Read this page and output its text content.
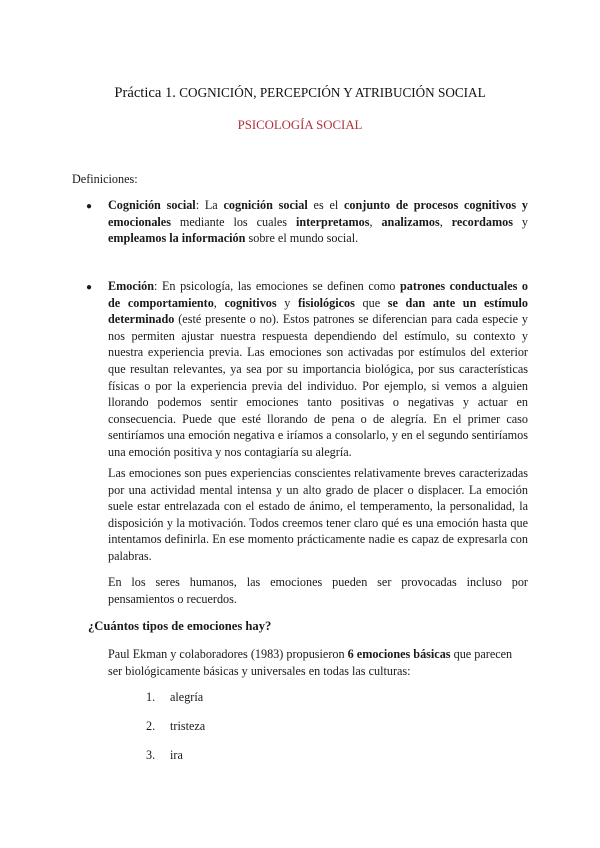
Práctica 1. COGNICIÓN, PERCEPCIÓN Y ATRIBUCIÓN SOCIAL
PSICOLOGÍA SOCIAL
Definiciones:
●	Cognición social: La cognición social es el conjunto de procesos cognitivos y emocionales mediante los cuales interpretamos, analizamos, recordamos y empleamos la información sobre el mundo social.

●	Emoción: En psicología, las emociones se definen como patrones conductuales o de comportamiento, cognitivos y fisiológicos que se dan ante un estímulo determinado (esté presente o no). Estos patrones se diferencian para cada especie y nos permiten ajustar nuestra respuesta dependiendo del estímulo, su contexto y nuestra experiencia previa. Las emociones son activadas por estímulos del exterior que resultan relevantes, ya sea por su importancia biológica, por sus características físicas o por la experiencia previa del individuo. Por ejemplo, si vemos a alguien llorando podemos sentir emociones tanto positivas o negativas y actuar en consecuencia. Puede que esté llorando de pena o de alegría. En el primer caso sentiríamos una emoción negativa e iríamos a consolarlo, y en el segundo sentiríamos una emoción positiva y nos contagiaría su alegría.

Las emociones son pues experiencias conscientes relativamente breves caracterizadas por una actividad mental intensa y un alto grado de placer o displacer. La emoción suele estar entrelazada con el estado de ánimo, el temperamento, la personalidad, la disposición y la motivación. Todos creemos tener claro qué es una emoción hasta que intentamos definirla. En ese momento prácticamente nadie es capaz de expresarla con palabras.

En los seres humanos, las emociones pueden ser provocadas incluso por pensamientos o recuerdos.

¿Cuántos tipos de emociones hay?

Paul Ekman y colaboradores (1983) propusieron 6 emociones básicas que parecen ser biológicamente básicas y universales en todas las culturas:

1. alegría
2. tristeza
3. ira
